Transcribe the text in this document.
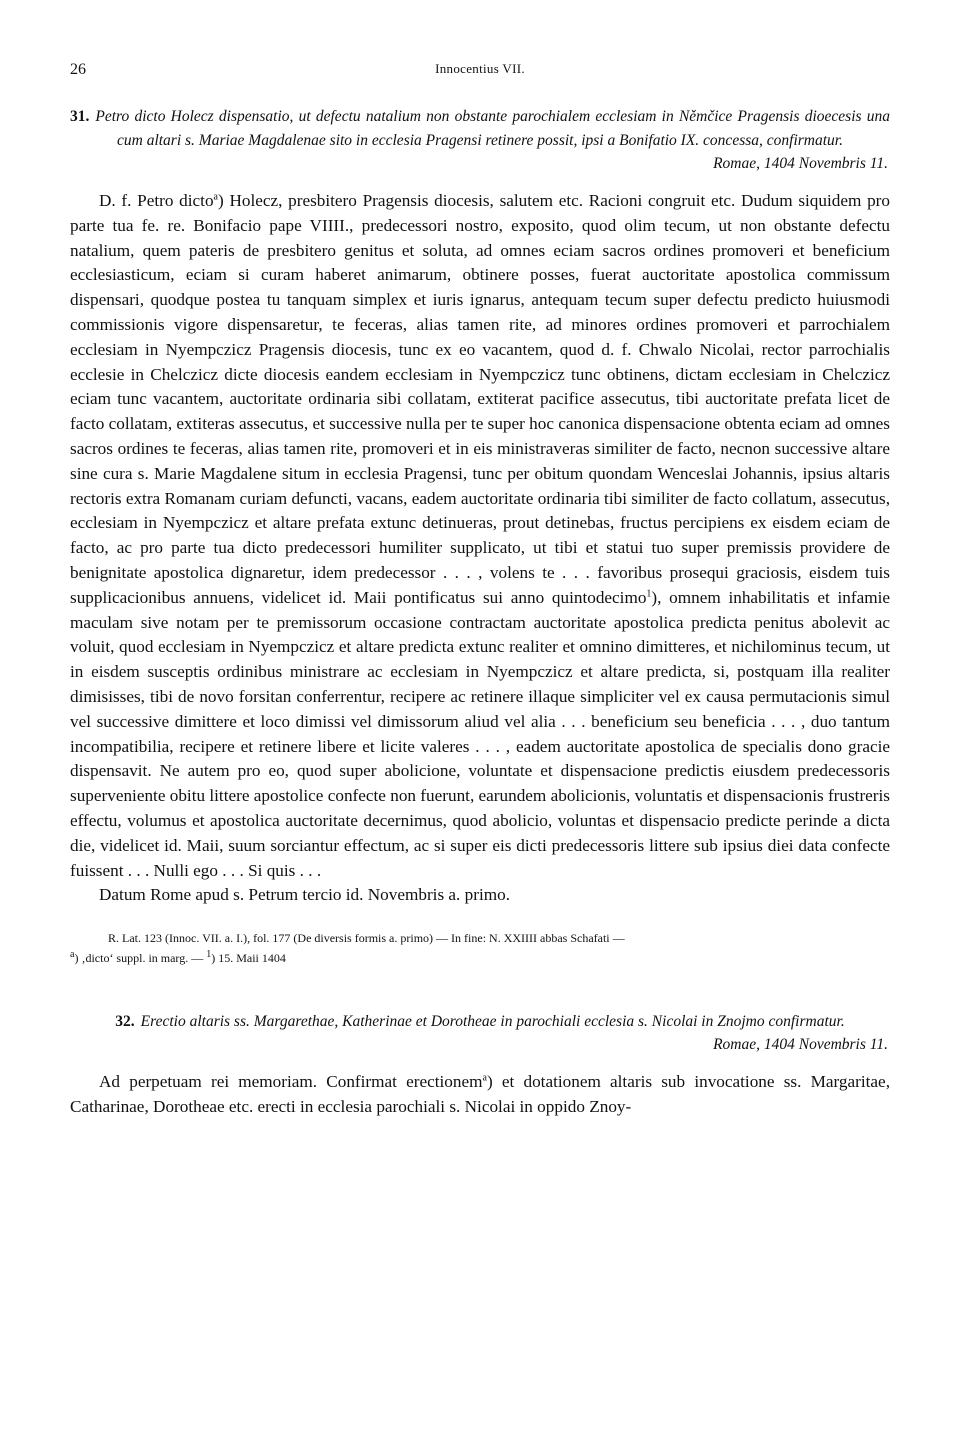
26	Innocentius VII.
31. Petro dicto Holecz dispensatio, ut defectu natalium non obstante parochialem ecclesiam in Němčice Pragensis dioecesis una cum altari s. Mariae Magdalenae sito in ecclesia Pragensi retinere possit, ipsi a Bonifatio IX. concessa, confirmatur.
Romae, 1404 Novembris 11.

D. f. Petro dicto$^a$) Holecz, presbitero Pragensis diocesis, salutem etc. Racioni congruit etc. Dudum siquidem pro parte tua fe. re. Bonifacio pape VIIII., predecessori nostro, exposito, quod olim tecum, ut non obstante defectu natalium, quem pateris de presbitero genitus et soluta, ad omnes eciam sacros ordines promoveri et beneficium ecclesiasticum, eciam si curam haberet animarum, obtinere posses, fuerat auctoritate apostolica commissum dispensari, quodque postea tu tanquam simplex et iuris ignarus, antequam tecum super defectu predicto huiusmodi commissionis vigore dispensaretur, te feceras, alias tamen rite, ad minores ordines promoveri et parrochialem ecclesiam in Nyempczicz Pragensis diocesis, tunc ex eo vacantem, quod d. f. Chwalo Nicolai, rector parrochialis ecclesie in Chelczicz dicte diocesis eandem ecclesiam in Nyempczicz tunc obtinens, dictam ecclesiam in Chelczicz eciam tunc vacantem, auctoritate ordinaria sibi collatam, extiterat pacifice assecutus, tibi auctoritate prefata licet de facto collatam, extiteras assecutus, et successive nulla per te super hoc canonica dispensacione obtenta eciam ad omnes sacros ordines te feceras, alias tamen rite, promoveri et in eis ministraveras similiter de facto, necnon successive altare sine cura s. Marie Magdalene situm in ecclesia Pragensi, tunc per obitum quondam Wenceslai Johannis, ipsius altaris rectoris extra Romanam curiam defuncti, vacans, eadem auctoritate ordinaria tibi similiter de facto collatum, assecutus, ecclesiam in Nyempczicz et altare prefata extunc detinueras, prout detinebas, fructus percipiens ex eisdem eciam de facto, ac pro parte tua dicto predecessori humiliter supplicato, ut tibi et statui tuo super premissis providere de benignitate apostolica dignaretur, idem predecessor . . . , volens te . . . favoribus prosequi graciosis, eisdem tuis supplicacionibus annuens, videlicet id. Maii pontificatus sui anno quintodecimo$^1$), omnem inhabilitatis et infamie maculam sive notam per te premissorum occasione contractam auctoritate apostolica predicta penitus abolevit ac voluit, quod ecclesiam in Nyempczicz et altare predicta extunc realiter et omnino dimitteres, et nichilominus tecum, ut in eisdem susceptis ordinibus ministrare ac ecclesiam in Nyempczicz et altare predicta, si, postquam illa realiter dimisisses, tibi de novo forsitan conferrentur, recipere ac retinere illaque simpliciter vel ex causa permutacionis simul vel successive dimittere et loco dimissi vel dimissorum aliud vel alia . . . beneficium seu beneficia . . . , duo tantum incompatibilia, recipere et retinere libere et licite valeres . . . , eadem auctoritate apostolica de specialis dono gracie dispensavit. Ne autem pro eo, quod super abolicione, voluntate et dispensacione predictis eiusdem predecessoris superveniente obitu littere apostolice confecte non fuerunt, earundem abolicionis, voluntatis et dispensacionis frustreris effectu, volumus et apostolica auctoritate decernimus, quod abolicio, voluntas et dispensacio predicte perinde a dicta die, videlicet id. Maii, suum sorciantur effectum, ac si super eis dicti predecessoris littere sub ipsius diei data confecte fuissent . . . Nulli ego . . . Si quis . . .

Datum Rome apud s. Petrum tercio id. Novembris a. primo.

R. Lat. 123 (Innoc. VII. a. I.), fol. 177 (De diversis formis a. primo) — In fine: N. XXIIII abbas Schafati —

$^a$) ‚dicto‘ suppl. in marg. — $^1$) 15. Maii 1404

32. Erectio altaris ss. Margarethae, Katherinae et Dorotheae in parochiali ecclesia s. Nicolai in Znojmo confirmatur.
Romae, 1404 Novembris 11.

Ad perpetuam rei memoriam. Confirmat erectionem$^a$) et dotationem altaris sub invocatione ss. Margaritae, Catharinae, Dorotheae etc. erecti in ecclesia parochiali s. Nicolai in oppido Znoy-
